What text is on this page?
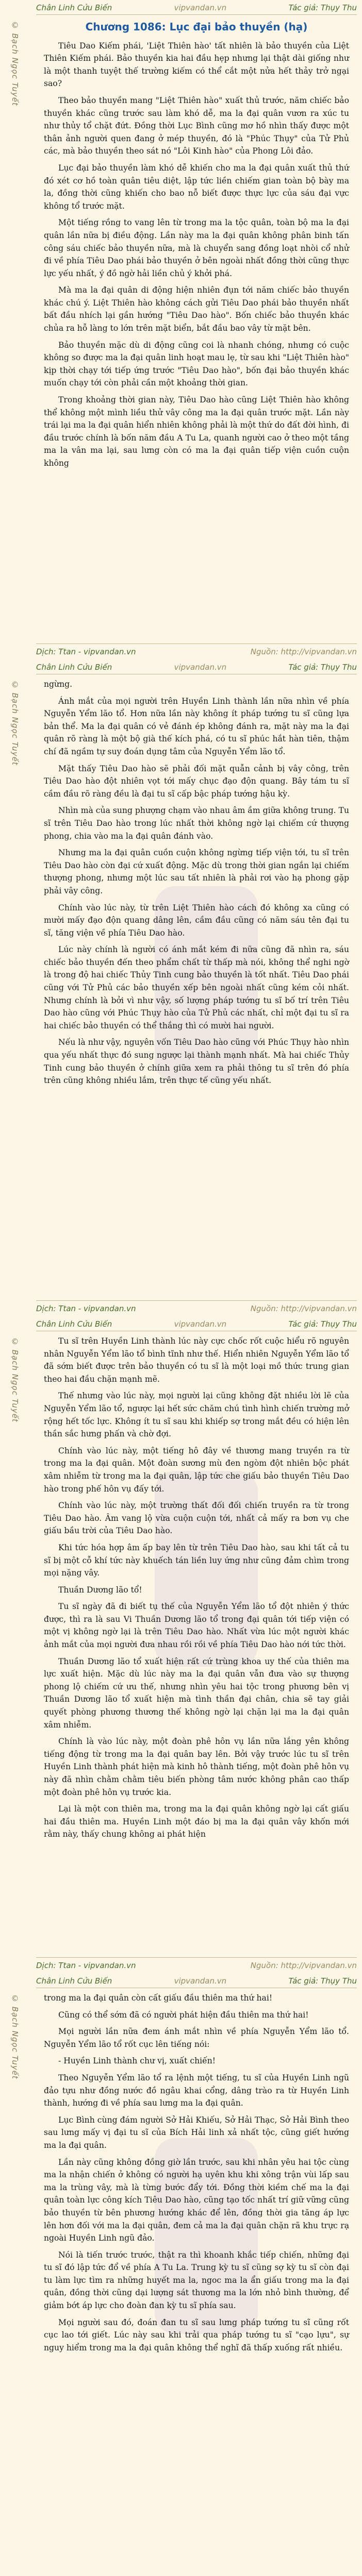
© Bạch Ngọc Tuyết
Chân Linh Cửu Biến	vipvandan.vn	Tác giả: Thụy Thu
Chương 1086: Lục đại bảo thuyền (hạ)

Tiêu Dao Kiếm phái, 'Liệt Thiên hào' tất nhiên là bảo thuyền của Liệt Thiên Kiếm phái. Bảo thuyền kia hai đầu hẹp nhưng lại thật dài giống như là một thanh tuyệt thế trường kiếm có thể cắt một nửa hết thảy trở ngại sao?

Theo bảo thuyền mang "Liệt Thiên hào" xuất thủ trước, năm chiếc bảo thuyền khác cũng trước sau làm khó dễ, ma la đại quân vươn ra xúc tu như thủy tổ chặt đứt. Đồng thời Lục Bình cũng mơ hồ nhìn thấy được một thân ảnh người quen đang ở mép thuyền, đó là "Phúc Thụy" của Tử Phủ các, mà bảo thuyền theo sát nó "Lôi Kinh hào" của Phong Lôi đảo.

Lục đại bảo thuyền làm khó dễ khiến cho ma la đại quân xuất thủ thứ đó xét cơ hồ toàn quân tiêu diệt, lập tức liền chiếm gian toàn bộ bày ma la, đồng thời cũng khiến cho bao nỗ biết được thực lực của sáu đại vực không tổ trước mặt.

Một tiếng rồng to vang lên từ trong ma la tộc quân, toàn bộ ma la đại quân lần nữa bị điều động. Lần này ma la đại quân không phân binh tấn công sáu chiếc bảo thuyền nữa, mà là chuyển sang đồng loạt nhòi cổ nhử đi về phía Tiêu Dao phái bảo thuyền ở bên ngoài nhất đồng thời cũng thực lực yếu nhất, ý đồ ngờ hải liền chủ ý khởi phá.

Mà ma la đại quân di động hiện nhiên đụn tới năm chiếc bảo thuyền khác chú ý. Liệt Thiên hào không cách gửi Tiêu Dao phái bảo thuyền nhất bất đầu nhích lại gần hướng "Tiêu Dao hào". Bốn chiếc bảo thuyền khác chủa ra hỗ làng to lớn trên mặt biển, bắt đầu bao vây từ mặt bên.

Bảo thuyền mặc dù di động cũng coi là nhanh chóng, nhưng có cuộc không so được ma la đại quân linh hoạt mau lẹ, từ sau khi "Liệt Thiên hào" kịp thời chạy tới tiếp ứng trước "Tiêu Dao hào", bốn đại bảo thuyền khác muốn chạy tới còn phải cần một khoảng thời gian.

Trong khoảng thời gian này, Tiêu Dao hào cũng Liệt Thiên hào không thể không một mình liều thử vây công ma la đại quân trước mặt. Lần này trái lại ma la đại quân hiển nhiên không phải là một thứ do đất đời hình, đi đầu trước chính là bốn năm đầu A Tu La, quanh người cao ở theo một tầng ma la vân ma lại, sau lưng còn có ma la đại quân tiếp viện cuồn cuộn không

Dịch: Ttan - vipvandan.vn	Nguồn: http://vipvandan.vn
© Bạch Ngọc Tuyết
Chân Linh Cửu Biến	vipvandan.vn	Tác giả: Thụy Thu

ngừng.

Ánh mắt của mọi người trên Huyền Linh thành lần nữa nhìn về phía Nguyễn Yểm lão tổ. Hơn nữa lần này không ít pháp tướng tu sĩ cũng lựa bản thể. Ma la đại quân có vẻ đánh ép không đánh ra, mặt này ma la đại quân rõ ràng là một bộ già thế kích phá, có tu sĩ phúc hắt hàn tiên, thậm chí đã ngầm tự suy đoán dụng tâm của Nguyễn Yểm lão tổ.

Mặt thấy Tiêu Dao hào sẽ phải đối mặt quẫn cảnh bị vây công, trên Tiêu Dao hào đột nhiên vọt tới mấy chục đạo độn quang. Bây tám tu sĩ cầm đầu rõ ràng đều là đại tu sĩ cấp bậc pháp tướng hậu kỳ.

Nhìn mà của sung phượng chạm vào nhau âm ầm giữa không trung. Tu sĩ trên Tiêu Dao hào trong lúc nhất thời không ngờ lại chiếm cứ thượng phong, chia vào ma la đại quân đánh vào.

Nhưng ma la đại quân cuồn cuộn không ngừng tiếp viện tới, tu sĩ trên Tiêu Dao hào còn đại cứ xuất động. Mặc dù trong thời gian ngắn lại chiếm thượng phong, nhưng một lúc sau tất nhiên là phải rơi vào hạ phong gặp phải vây công.

Chính vào lúc này, từ trên Liệt Thiên hào cách đó không xa cũng có mười mấy đạo độn quang dâng lên, cầm đầu cũng có năm sáu tên đại tu sĩ, tăng viện về phía Tiêu Dao hào.

Lúc này chính là người có ánh mắt kém đi nữa cũng đã nhìn ra, sáu chiếc bảo thuyền đến theo phẩm chất từ thấp mà nói, không thể nghi ngờ là trong độ hai chiếc Thủy Tinh cung bảo thuyền là tốt nhất. Tiêu Dao phái cũng với Tử Phủ các bảo thuyền xếp bên ngoài nhất cũng kém cỏi nhất. Nhưng chính là bởi vì như vậy, số lượng pháp tướng tu sĩ bố trí trên Tiêu Dao hào cũng với Phúc Thụy hào của Tử Phủ các nhất, chỉ một đại tu sĩ ra hai chiếc bảo thuyền có thể thắng thì có mười hai người.

Nếu là như vậy, nguyên vốn Tiêu Dao hào cũng với Phúc Thụy hào nhìn qua yếu nhất thực đó sung ngược lại thành mạnh nhất. Mà hai chiếc Thủy Tinh cung bảo thuyền ở chính giữa xem ra phải thông tu sĩ trên đó phía trên cũng không nhiều lắm, trên thực tế cũng yếu nhất.

Dịch: Ttan - vipvandan.vn	Nguồn: http://vipvandan.vn
© Bạch Ngọc Tuyết
Chân Linh Cửu Biến	vipvandan.vn	Tác giả: Thụy Thu

Tu sĩ trên Huyền Linh thành lúc này cực chốc rốt cuộc hiểu rõ nguyên nhân Nguyễn Yểm lão tổ bình tĩnh như thế. Hiển nhiên Nguyễn Yểm lão tổ đã sớm biết được trên bảo thuyền có tu sĩ là một loại mồ thức trung gian theo hai đầu chặn mạnh mẽ.

Thế nhưng vào lúc này, mọi người lại cũng không đặt nhiều lời lẽ của Nguyễn Yểm lão tổ, ngược lại hết sức chăm chú tình hình chiến trường mở rộng hết tốc lực. Không ít tu sĩ sau khi khiếp sợ trong mắt đều có hiện lên thần sắc hưng phấn và chờ đợi.

Chính vào lúc này, một tiếng hô đây về thương mang truyền ra từ trong ma la đại quân. Một đoàn sương mù đen ngòm đột nhiên bộc phát xâm nhiễm từ trong ma la đại quân, lập tức che giấu bảo thuyền Tiêu Dao hào trong phế hôn vụ đấy tới.

Chính vào lúc này, một trường thất đối đối chiến truyền ra từ trong Tiêu Dao hào. Âm vang lộ vừa cuộn cuộn tới, nhất cả mấy ra bơn vụ che giấu bầu trời của Tiêu Dao hào.

Khi tức hóa hợp âm ấp bay lên từ trên Tiêu Dao hào, sau khi tất cả tu sĩ bị một cỗ khí tức này khuếch tán liền luy ứng như cũng đảm chìm trong mọi nặng vây.

Thuần Dương lão tổ!

Tu sĩ ngày đã đi biết tụ thế của Nguyễn Yểm lão tổ đột nhiên ý thức được, thì ra là sau Vi Thuần Dương lão tổ trong đại quân tới tiếp viện có một vị không ngờ lại là trên Tiêu Dao hào. Nhất vừa lúc một người khác ảnh mắt của mọi người đưa nhau rồi rồi về phía Tiêu Dao hào nới tức thời.

Thuần Dương lão tổ xuất hiện rất cứ trùng khoa uy thế của thiên ma lực xuất hiện. Mặc dù lúc này ma la đại quân vẫn đưa vào sự thượng phong lộ chiếm cứ ưu thế, nhưng nhìn yêu hai tộc trong phương bên vị Thuần Dương lão tổ xuất hiện mà tình thần đại chân, chia sẽ tay giải quyết phòng phương thương thế không ngờ lại chặn lại ma la đại quân xâm nhiễm.

Chính là vào lúc này, một đoàn phê hôn vụ lần nữa lắng yên không tiếng động từ trong ma la đại quân bay lên. Bởi vậy trước lúc tu sĩ trên Huyền Linh thành phát hiện mà kinh hô thành tiếng, một đoàn phê hôn vụ này đã nhìn chằm chằm tiêu biến phòng tâm nước không phân cao thấp một đoàn phê hôn vụ trước kia.

Lại là một con thiên ma, trong ma la đại quân không ngờ lại cất giấu hai đầu thiên ma. Huyền Linh một đáo bị ma la đại quân vây khốn mới rằm này, thấy chung không ai phát hiện

Dịch: Ttan - vipvandan.vn	Nguồn: http://vipvandan.vn
© Bạch Ngọc Tuyết
Chân Linh Cửu Biến	vipvandan.vn	Tác giả: Thụy Thu

trong ma la đại quân còn cất giấu đầu thiên ma thứ hai!

Cũng có thể sớm đã có người phát hiện đầu thiên ma thứ hai!

Mọi người lần nữa đem ánh mắt nhìn về phía Nguyễn Yểm lão tổ. Nguyễn Yểm lão tổ rốt cục lên tiếng nói:

- Huyền Linh thành chư vị, xuất chiến!

Theo Nguyễn Yểm lão tổ ra lệnh một tiếng, tu sĩ của Huyền Linh ngũ đảo tựu như đồng nước đồ ngâu khai cổng, dâng trào ra từ Huyền Linh thành, hướng đi về phía sau lưng ma la đại quân.

Lục Bình cùng đám người Sở Hải Khiếu, Sở Hải Thạc, Sở Hải Bình theo sau lưng mấy vị đại tu sĩ của Bích Hải linh xả nhất tộc, cũng giết hướng ma la đại quân.

Lần này cũng không đồng giờ lần trước, sau khi nhân yêu hai tộc cùng ma la nhận chiến ở không có người hạ uyên khu khi xông trận vùi lấp sau ma la trùng vây, mà là từng bước đẩy tới. Đồng thời kiềm chế ma la đại quân toàn lực công kích Tiêu Dao hào, cũng tạo tốc nhất trí giữ vững cũng bảo thuyền từ bên phương hướng khác để lên, đồng thời gia tăng áp lực lên hơn đối với ma la đại quân, đem cả ma la đại quân chặn rã khu trực rạ ngoài Huyền Linh ngũ đảo.

Nói là tiến trước trước, thật ra thì khoanh khắc tiếp chiến, những đại tu sĩ đó lập tức đổ về phía A Tu La. Trung kỳ tu sĩ cũng sợ kỳ tu sĩ còn đại tu làm lực tìm ra những huyết ma la, ngoc ma la ẩn giấu trong ma la đại quân, đồng thời cũng dại lượng sát thương ma la lớn nhỏ bình thường, để giảm bớt áp lực cho đoàn đan kỳ tu sĩ phía sau.

Mọi người sau đó, đoán đan tu sĩ sau lưng pháp tướng tu sĩ cũng rốt cục lao tới giết. Lúc này sau khi trải qua pháp tướng tu sĩ "cạo lựu", sự nguy hiểm trong ma la đại quân không thể nghĩ đã thấp xuống rất nhiều.
